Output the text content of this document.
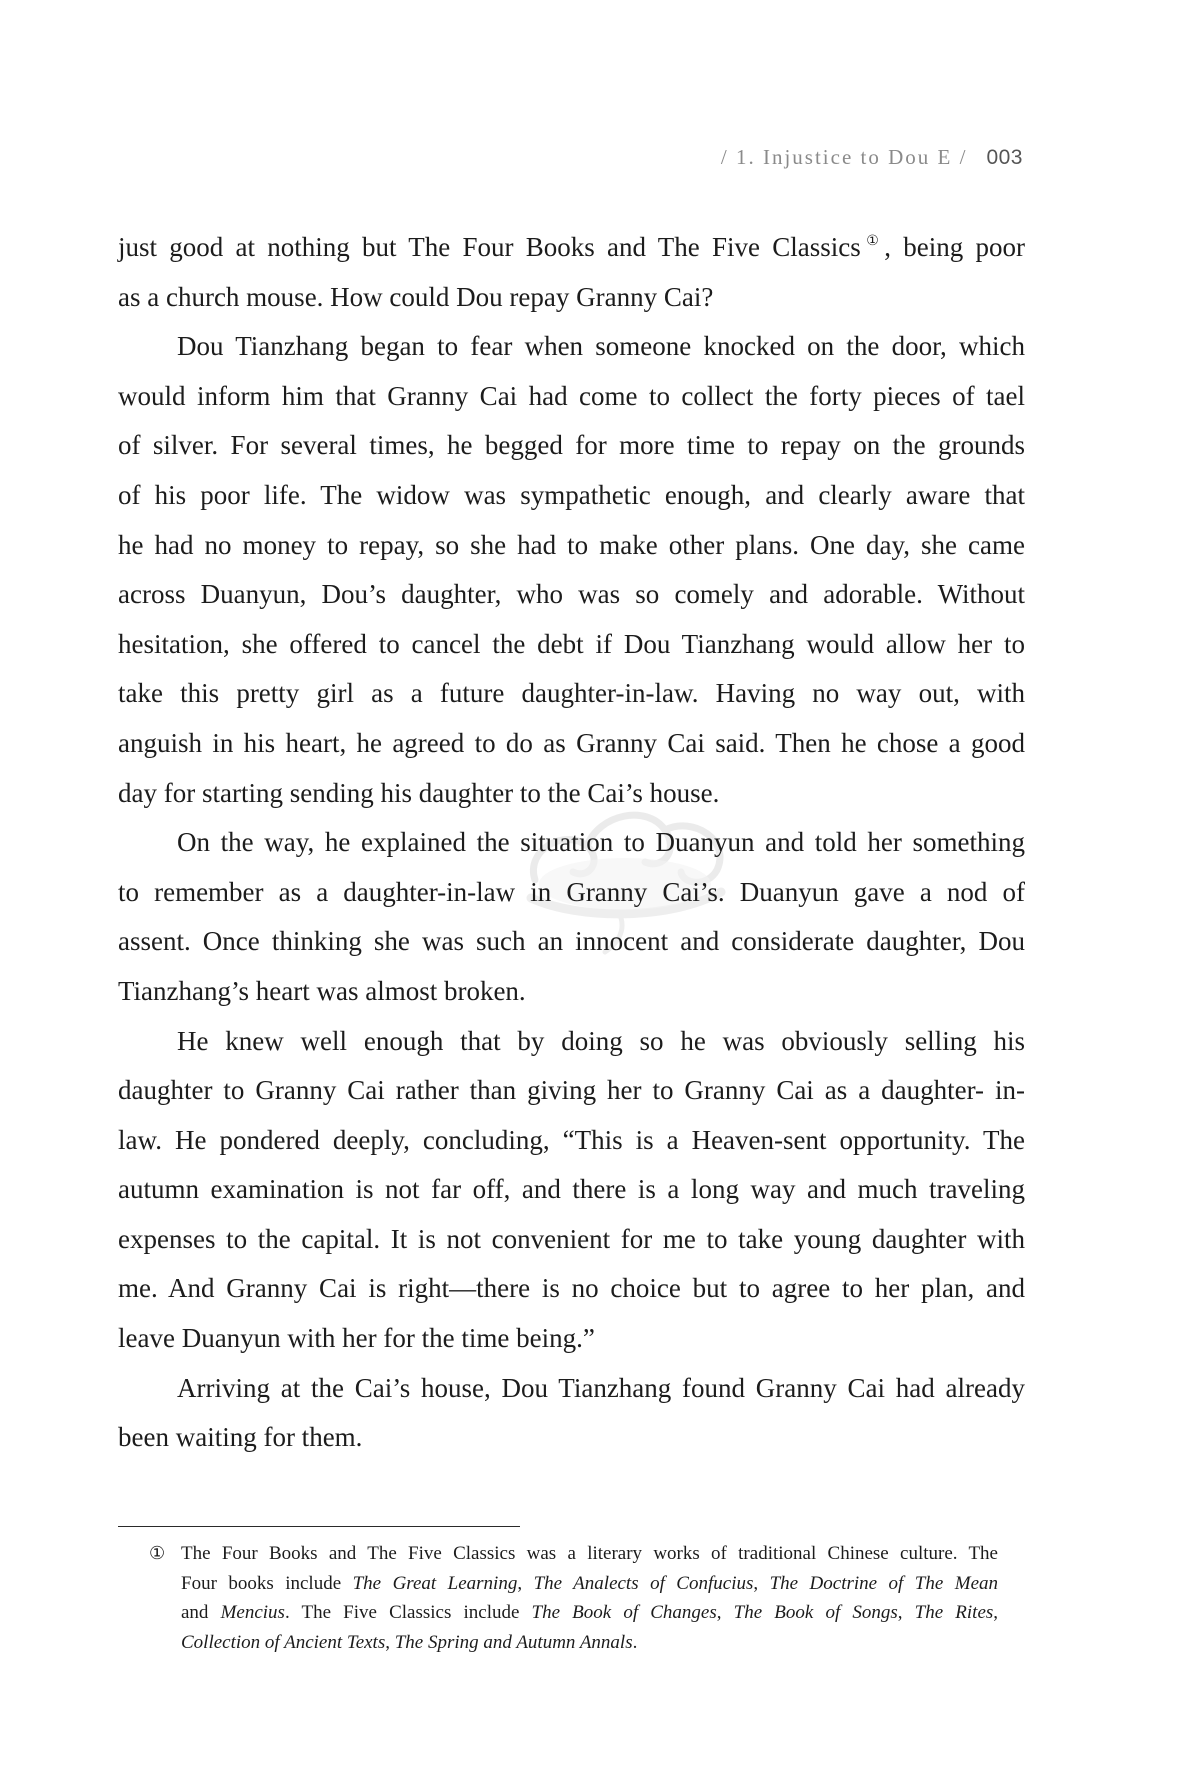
/ 1. Injustice to Dou E / 003
just good at nothing but The Four Books and The Five Classics①, being poor
as a church mouse. How could Dou repay Granny Cai?
Dou Tianzhang began to fear when someone knocked on the door, which
would inform him that Granny Cai had come to collect the forty pieces of tael
of silver. For several times, he begged for more time to repay on the grounds
of his poor life. The widow was sympathetic enough, and clearly aware that
he had no money to repay, so she had to make other plans. One day, she came
across Duanyun, Dou’s daughter, who was so comely and adorable. Without
hesitation, she offered to cancel the debt if Dou Tianzhang would allow her to
take this pretty girl as a future daughter-in-law. Having no way out, with
anguish in his heart, he agreed to do as Granny Cai said. Then he chose a good
day for starting sending his daughter to the Cai’s house.
On the way, he explained the situation to Duanyun and told her something
to remember as a daughter-in-law in Granny Cai’s. Duanyun gave a nod of
assent. Once thinking she was such an innocent and considerate daughter, Dou
Tianzhang’s heart was almost broken.
He knew well enough that by doing so he was obviously selling his
daughter to Granny Cai rather than giving her to Granny Cai as a daughter- in-
law. He pondered deeply, concluding, “This is a Heaven-sent opportunity. The
autumn examination is not far off, and there is a long way and much traveling
expenses to the capital. It is not convenient for me to take young daughter with
me. And Granny Cai is right—there is no choice but to agree to her plan, and
leave Duanyun with her for the time being.”
Arriving at the Cai’s house, Dou Tianzhang found Granny Cai had already
been waiting for them.
① The Four Books and The Five Classics was a literary works of traditional Chinese culture. The
Four books include The Great Learning, The Analects of Confucius, The Doctrine of The Mean
and Mencius. The Five Classics include The Book of Changes, The Book of Songs, The Rites,
Collection of Ancient Texts, The Spring and Autumn Annals.
